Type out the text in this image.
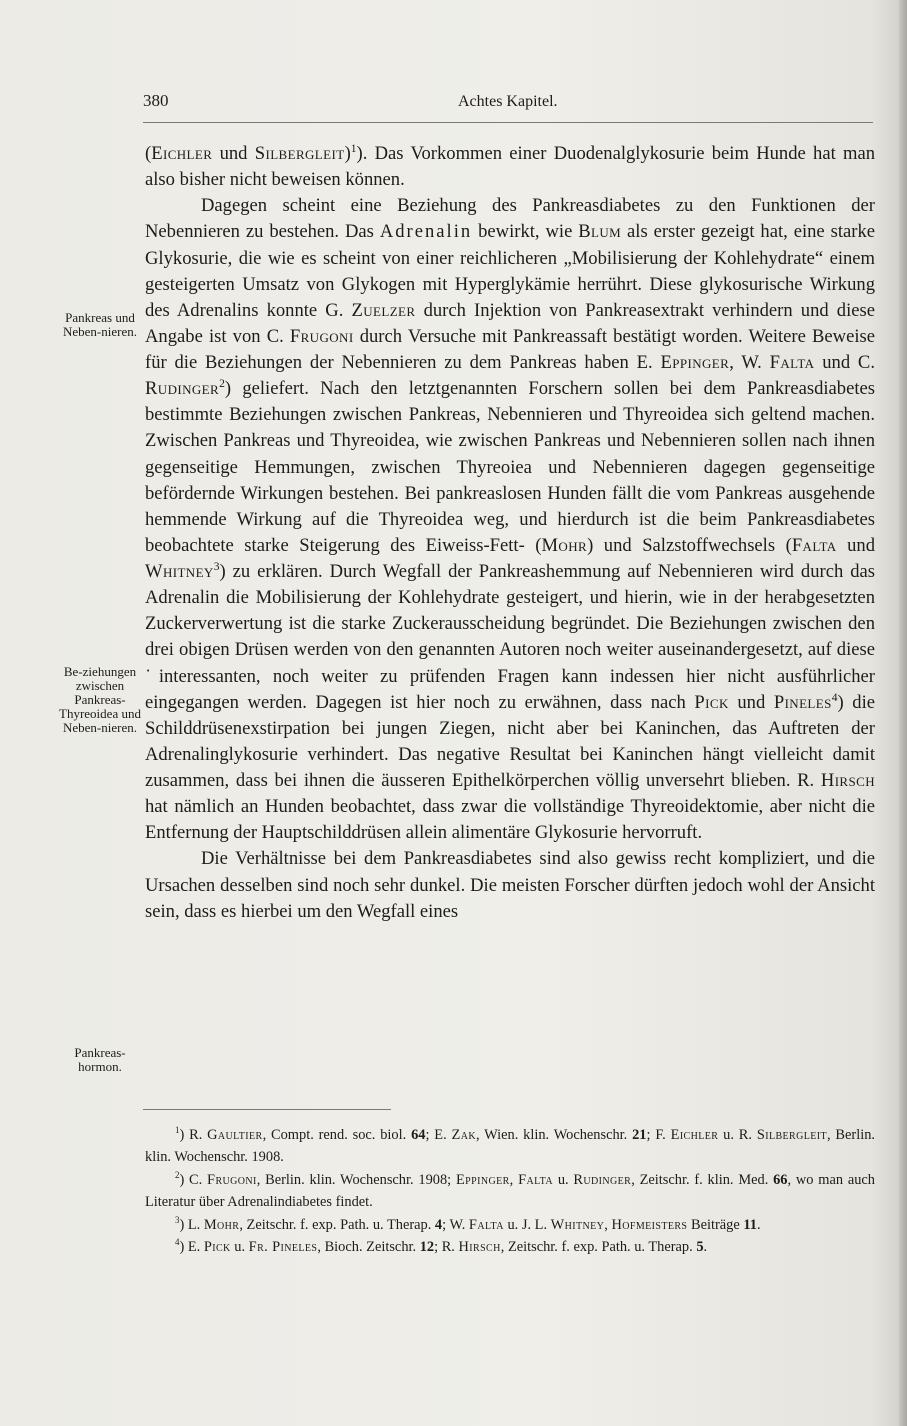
380	Achtes Kapitel.
Pankreas und Neben-nieren.
Be-ziehungen zwischen Pankreas-Thyreoidea und Neben-nieren.
Pankreas-hormon.

(Eichler und Silbergleit)$^1$). Das Vorkommen einer Duodenalglykosurie beim Hunde hat man also bisher nicht beweisen können.

Dagegen scheint eine Beziehung des Pankreasdiabetes zu den Funktionen der Nebennieren zu bestehen. Das Adrenalin bewirkt, wie Blum als erster gezeigt hat, eine starke Glykosurie, die wie es scheint von einer reichlicheren „Mobilisierung der Kohlehydrate“ einem gesteigerten Umsatz von Glykogen mit Hyperglykämie herrührt. Diese glykosurische Wirkung des Adrenalins konnte G. Zuelzer durch Injektion von Pankreasextrakt verhindern und diese Angabe ist von C. Frugoni durch Versuche mit Pankreassaft bestätigt worden. Weitere Beweise für die Beziehungen der Nebennieren zu dem Pankreas haben E. Eppinger, W. Falta und C. Rudinger$^2$) geliefert. Nach den letztgenannten Forschern sollen bei dem Pankreasdiabetes bestimmte Beziehungen zwischen Pankreas, Nebennieren und Thyreoidea sich geltend machen. Zwischen Pankreas und Thyreoidea, wie zwischen Pankreas und Nebennieren sollen nach ihnen gegenseitige Hemmungen, zwischen Thyreoiea und Nebennieren dagegen gegenseitige befördernde Wirkungen bestehen. Bei pankreaslosen Hunden fällt die vom Pankreas ausgehende hemmende Wirkung auf die Thyreoidea weg, und hierdurch ist die beim Pankreasdiabetes beobachtete starke Steigerung des Eiweiss-Fett- (Mohr) und Salzstoffwechsels (Falta und Whitney$^3$) zu erklären. Durch Wegfall der Pankreashemmung auf Nebennieren wird durch das Adrenalin die Mobilisierung der Kohlehydrate gesteigert, und hierin, wie in der herabgesetzten Zuckerverwertung ist die starke Zuckerausscheidung begründet. Die Beziehungen zwischen den drei obigen Drüsen werden von den genannten Autoren noch weiter auseinandergesetzt, auf diese ˙interessanten, noch weiter zu prüfenden Fragen kann indessen hier nicht ausführlicher eingegangen werden. Dagegen ist hier noch zu erwähnen, dass nach Pick und Pineles$^4$) die Schilddrüsenexstirpation bei jungen Ziegen, nicht aber bei Kaninchen, das Auftreten der Adrenalinglykosurie verhindert. Das negative Resultat bei Kaninchen hängt vielleicht damit zusammen, dass bei ihnen die äusseren Epithelkörperchen völlig unversehrt blieben. R. Hirsch hat nämlich an Hunden beobachtet, dass zwar die vollständige Thyreoidektomie, aber nicht die Entfernung der Hauptschilddrüsen allein alimentäre Glykosurie hervorruft.

Die Verhältnisse bei dem Pankreasdiabetes sind also gewiss recht kompliziert, und die Ursachen desselben sind noch sehr dunkel. Die meisten Forscher dürften jedoch wohl der Ansicht sein, dass es hierbei um den Wegfall eines

$^1$) R. Gaultier, Compt. rend. soc. biol. 64; E. Zak, Wien. klin. Wochenschr. 21; F. Eichler u. R. Silbergleit, Berlin. klin. Wochenschr. 1908.

$^2$) C. Frugoni, Berlin. klin. Wochenschr. 1908; Eppinger, Falta u. Rudinger, Zeitschr. f. klin. Med. 66, wo man auch Literatur über Adrenalindiabetes findet.

$^3$) L. Mohr, Zeitschr. f. exp. Path. u. Therap. 4; W. Falta u. J. L. Whitney, Hofmeisters Beiträge 11.

$^4$) E. Pick u. Fr. Pineles, Bioch. Zeitschr. 12; R. Hirsch, Zeitschr. f. exp. Path. u. Therap. 5.
